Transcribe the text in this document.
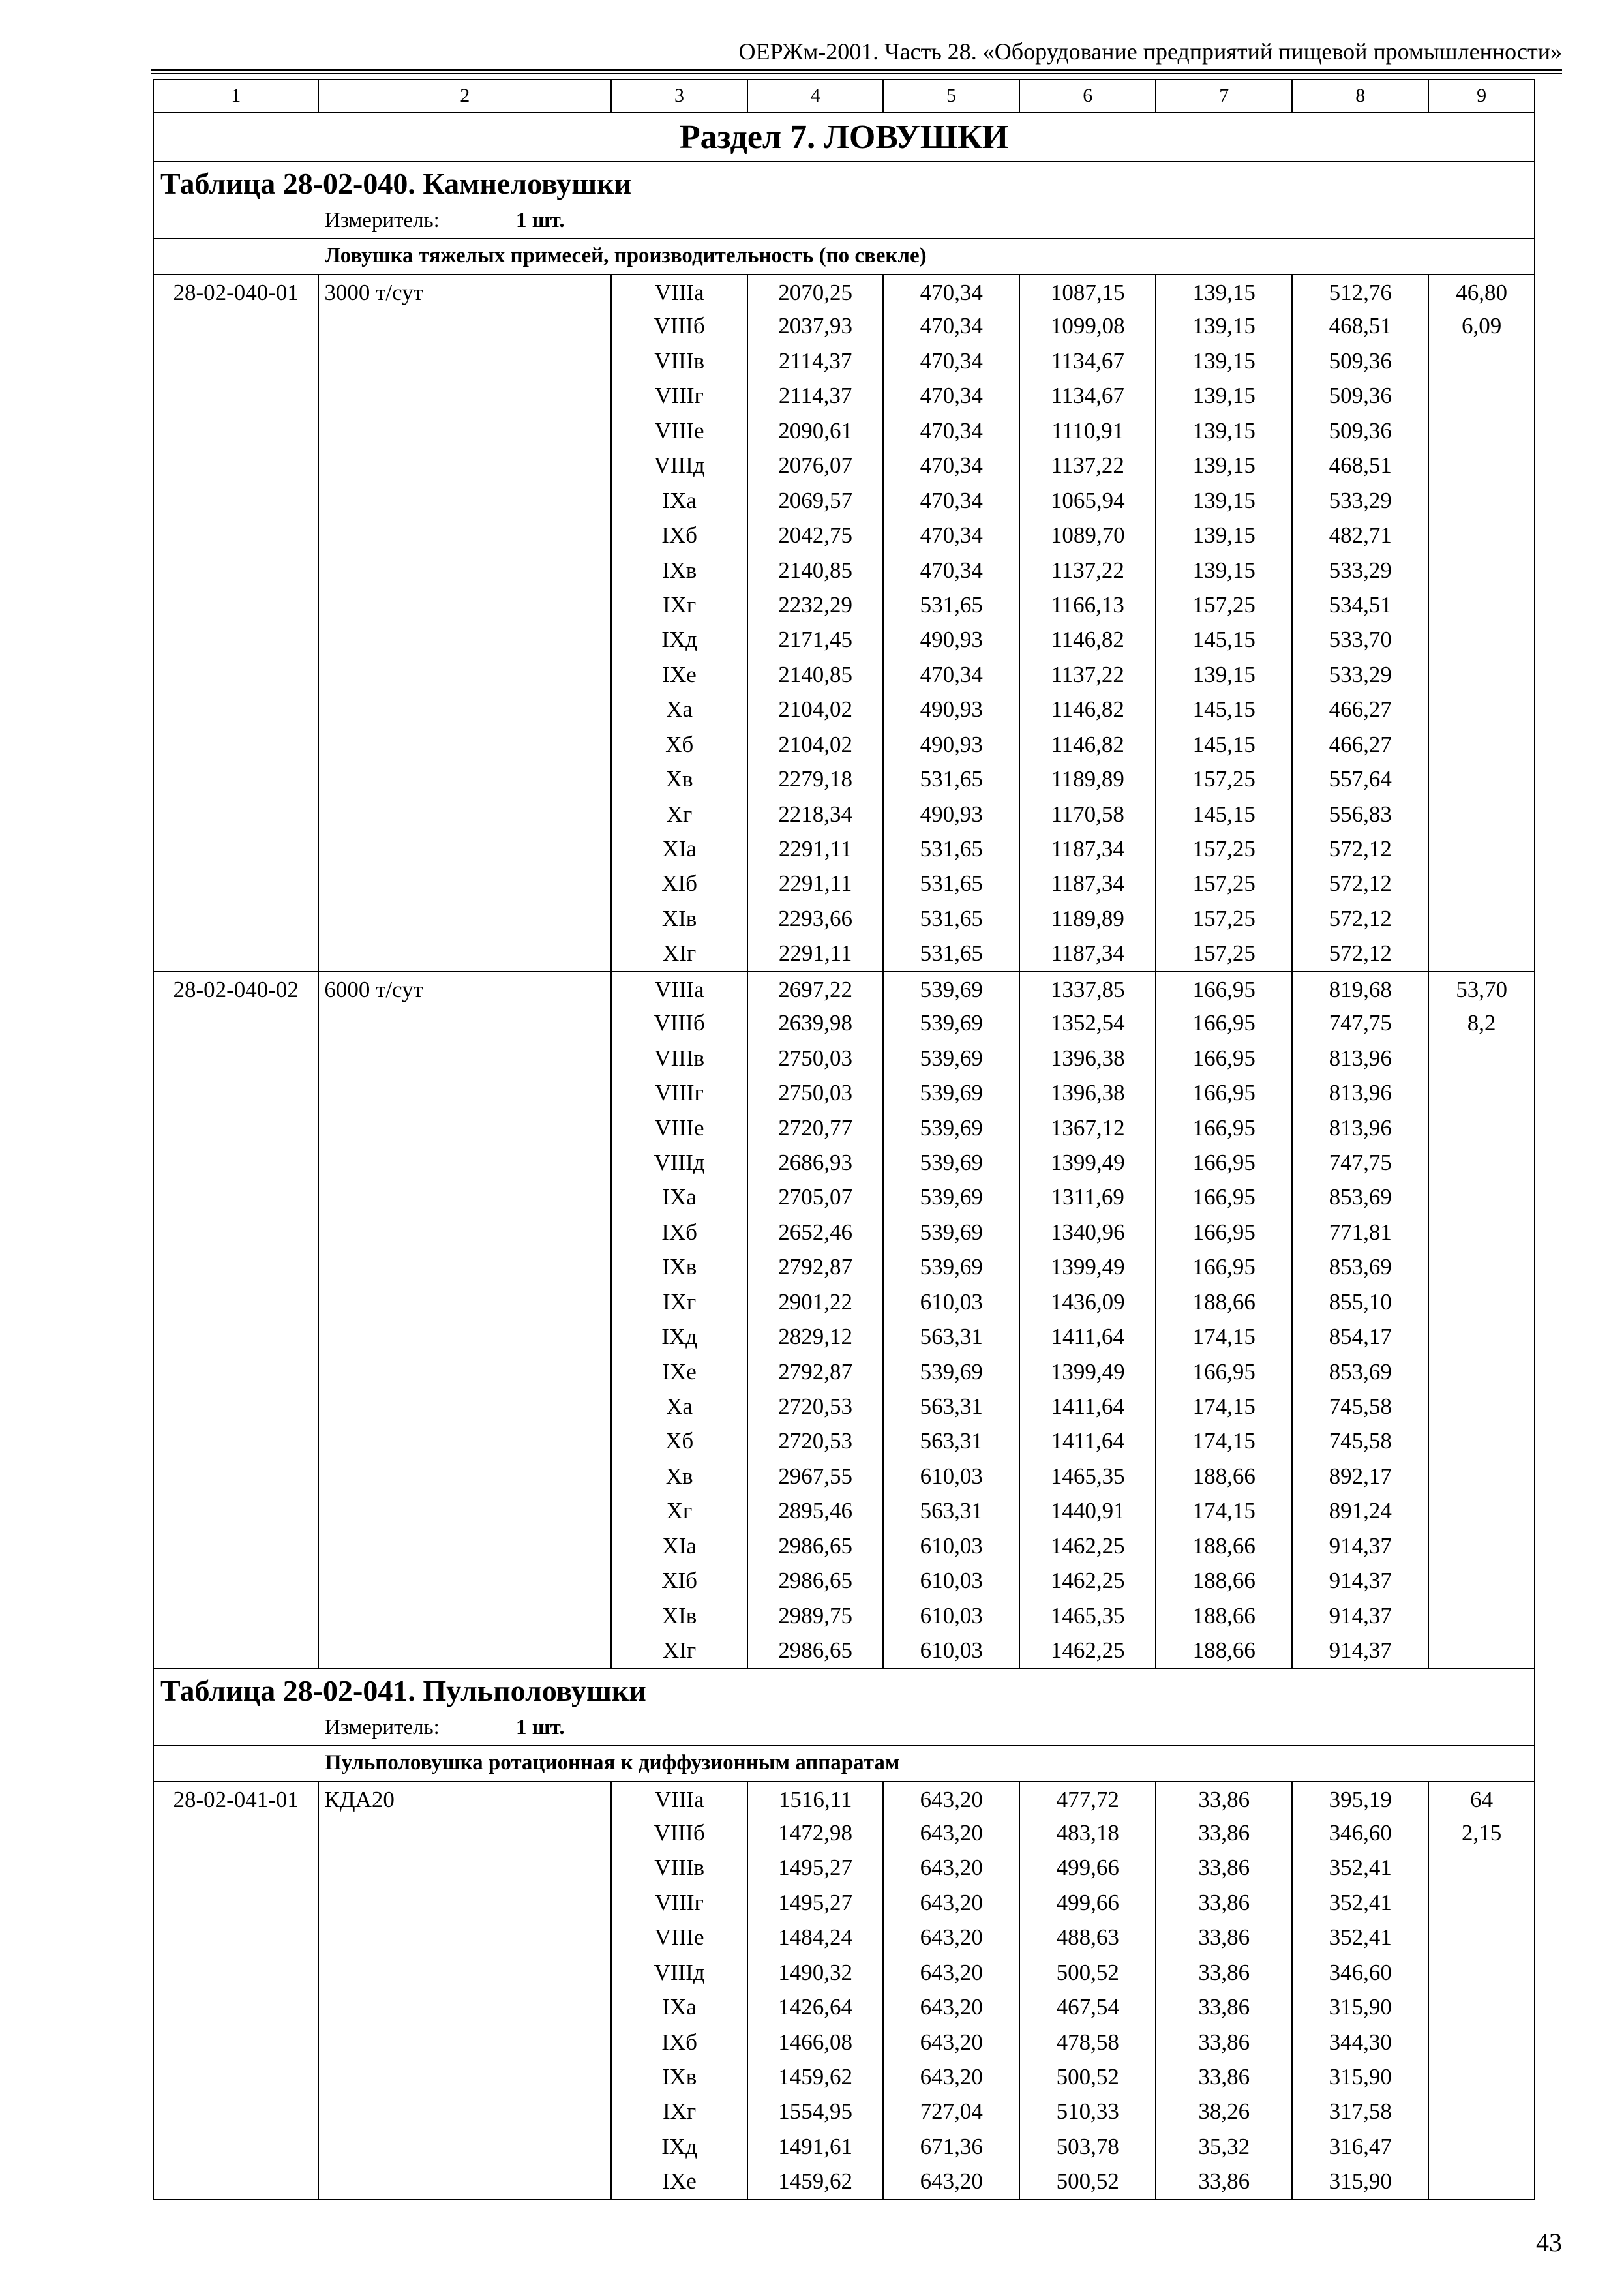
ОЕРЖм-2001. Часть 28. «Оборудование предприятий пищевой промышленности»
1	2	3	4	5	6	7	8	9
Раздел 7. ЛОВУШКИ
Таблица 28-02-040. Камнеловушки
Измеритель:	1 шт.
Ловушка тяжелых примесей, производительность (по свекле)
28-02-040-01	3000 т/сут	VIIIа	2070,25	470,34	1087,15	139,15	512,76	46,80
VIIIб	2037,93	470,34	1099,08	139,15	468,51	6,09
VIIIв	2114,37	470,34	1134,67	139,15	509,36
VIIIг	2114,37	470,34	1134,67	139,15	509,36
VIIIе	2090,61	470,34	1110,91	139,15	509,36
VIIIд	2076,07	470,34	1137,22	139,15	468,51
IXа	2069,57	470,34	1065,94	139,15	533,29
IXб	2042,75	470,34	1089,70	139,15	482,71
IXв	2140,85	470,34	1137,22	139,15	533,29
IXг	2232,29	531,65	1166,13	157,25	534,51
IXд	2171,45	490,93	1146,82	145,15	533,70
IXе	2140,85	470,34	1137,22	139,15	533,29
Xа	2104,02	490,93	1146,82	145,15	466,27
Xб	2104,02	490,93	1146,82	145,15	466,27
Xв	2279,18	531,65	1189,89	157,25	557,64
Xг	2218,34	490,93	1170,58	145,15	556,83
XIа	2291,11	531,65	1187,34	157,25	572,12
XIб	2291,11	531,65	1187,34	157,25	572,12
XIв	2293,66	531,65	1189,89	157,25	572,12
XIг	2291,11	531,65	1187,34	157,25	572,12
28-02-040-02	6000 т/сут	VIIIа	2697,22	539,69	1337,85	166,95	819,68	53,70
VIIIб	2639,98	539,69	1352,54	166,95	747,75	8,2
VIIIв	2750,03	539,69	1396,38	166,95	813,96
VIIIг	2750,03	539,69	1396,38	166,95	813,96
VIIIе	2720,77	539,69	1367,12	166,95	813,96
VIIIд	2686,93	539,69	1399,49	166,95	747,75
IXа	2705,07	539,69	1311,69	166,95	853,69
IXб	2652,46	539,69	1340,96	166,95	771,81
IXв	2792,87	539,69	1399,49	166,95	853,69
IXг	2901,22	610,03	1436,09	188,66	855,10
IXд	2829,12	563,31	1411,64	174,15	854,17
IXе	2792,87	539,69	1399,49	166,95	853,69
Xа	2720,53	563,31	1411,64	174,15	745,58
Xб	2720,53	563,31	1411,64	174,15	745,58
Xв	2967,55	610,03	1465,35	188,66	892,17
Xг	2895,46	563,31	1440,91	174,15	891,24
XIа	2986,65	610,03	1462,25	188,66	914,37
XIб	2986,65	610,03	1462,25	188,66	914,37
XIв	2989,75	610,03	1465,35	188,66	914,37
XIг	2986,65	610,03	1462,25	188,66	914,37
Таблица 28-02-041. Пульполовушки
Измеритель:	1 шт.
Пульполовушка ротационная к диффузионным аппаратам
28-02-041-01	КДА20	VIIIа	1516,11	643,20	477,72	33,86	395,19	64
VIIIб	1472,98	643,20	483,18	33,86	346,60	2,15
VIIIв	1495,27	643,20	499,66	33,86	352,41
VIIIг	1495,27	643,20	499,66	33,86	352,41
VIIIе	1484,24	643,20	488,63	33,86	352,41
VIIIд	1490,32	643,20	500,52	33,86	346,60
IXа	1426,64	643,20	467,54	33,86	315,90
IXб	1466,08	643,20	478,58	33,86	344,30
IXв	1459,62	643,20	500,52	33,86	315,90
IXг	1554,95	727,04	510,33	38,26	317,58
IXд	1491,61	671,36	503,78	35,32	316,47
IXе	1459,62	643,20	500,52	33,86	315,90
43
